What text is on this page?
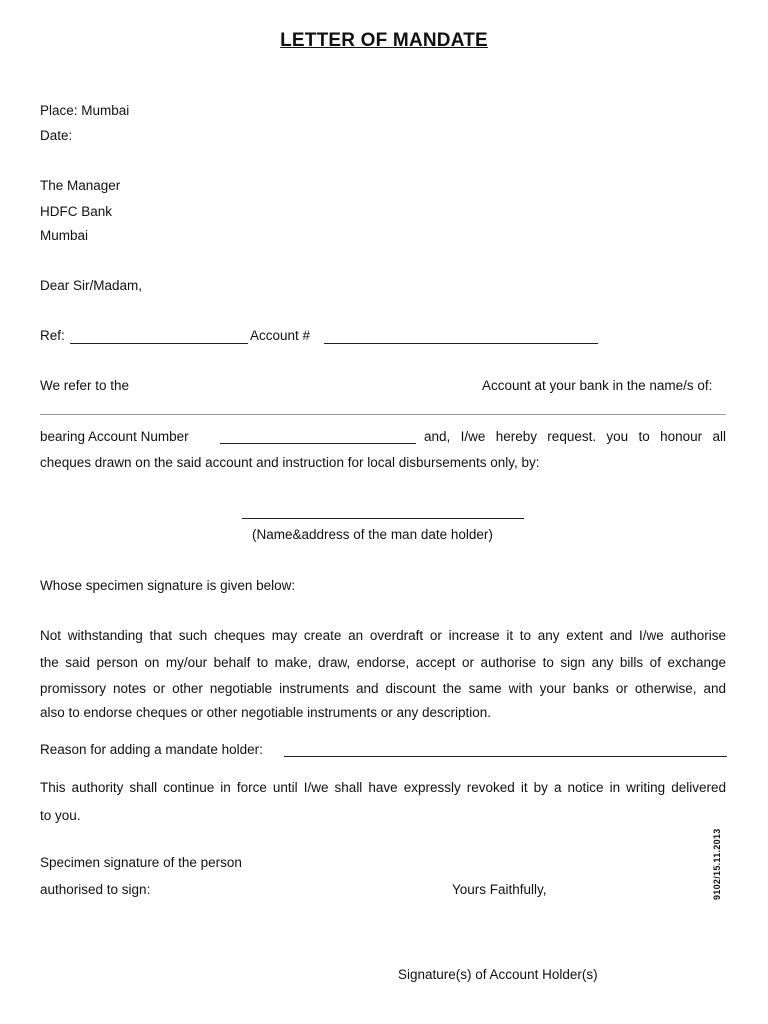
LETTER OF MANDATE
Place: Mumbai
Date:
The Manager
HDFC Bank
Mumbai
Dear Sir/Madam,
Ref:	Account #
We refer to the	Account at your bank in the name/s of:
bearing Account Number	and, I/we hereby request. you to honour all
cheques drawn on the said account and instruction for local disbursements only, by:
(Name&address of the man date holder)
Whose specimen signature is given below:
Not withstanding that such cheques may create an overdraft or increase it to any extent and I/we authorise
the said person on my/our behalf to make, draw, endorse, accept or authorise to sign any bills of exchange
promissory notes or other negotiable instruments and discount the same with your banks or otherwise, and
also to endorse cheques or other negotiable instruments or any description.
Reason for adding a mandate holder:
This authority shall continue in force until I/we shall have expressly revoked it by a notice in writing delivered
to you.
Specimen signature of the person
authorised to sign:	Yours Faithfully,	9102/15.11.2013
Signature(s) of Account Holder(s)
